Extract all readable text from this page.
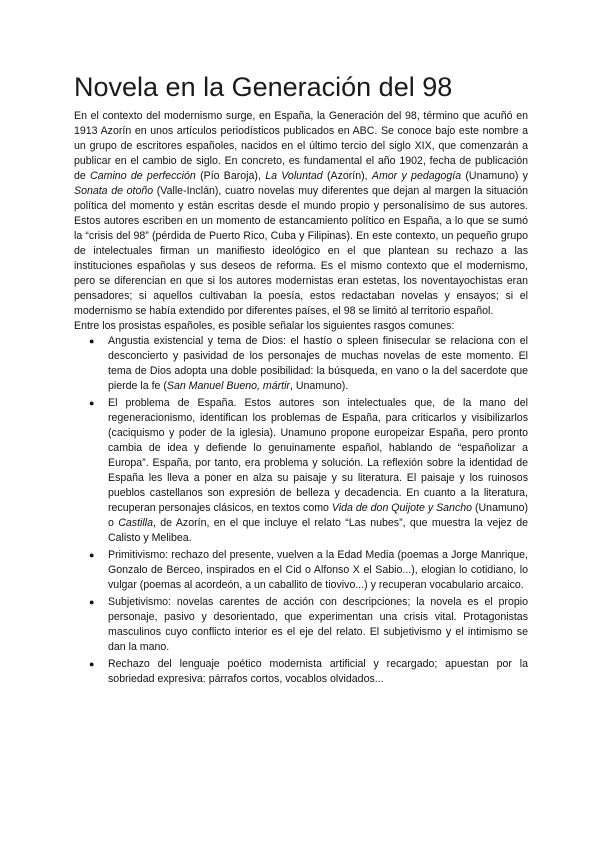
Novela en la Generación del 98

En el contexto del modernismo surge, en España, la Generación del 98, término que acuñó en 1913 Azorín en unos artículos periodísticos publicados en ABC. Se conoce bajo este nombre a un grupo de escritores españoles, nacidos en el último tercio del siglo XIX, que comenzarán a publicar en el cambio de siglo. En concreto, es fundamental el año 1902, fecha de publicación de Camino de perfección (Pío Baroja), La Voluntad (Azorín), Amor y pedagogía (Unamuno) y Sonata de otoño (Valle-Inclán), cuatro novelas muy diferentes que dejan al margen la situación política del momento y están escritas desde el mundo propio y personalísimo de sus autores. Estos autores escriben en un momento de estancamiento político en España, a lo que se sumó la “crisis del 98” (pérdida de Puerto Rico, Cuba y Filipinas). En este contexto, un pequeño grupo de intelectuales firman un manifiesto ideológico en el que plantean su rechazo a las instituciones españolas y sus deseos de reforma. Es el mismo contexto que el modernismo, pero se diferencian en que si los autores modernistas eran estetas, los noventayochistas eran pensadores; si aquellos cultivaban la poesía, estos redactaban novelas y ensayos; si el modernismo se había extendido por diferentes países, el 98 se limitó al territorio español.

Entre los prosistas españoles, es posible señalar los siguientes rasgos comunes:

● Angustia existencial y tema de Dios: el hastío o spleen finisecular se relaciona con el desconcierto y pasividad de los personajes de muchas novelas de este momento. El tema de Dios adopta una doble posibilidad: la búsqueda, en vano o la del sacerdote que pierde la fe (San Manuel Bueno, mártir, Unamuno).
● El problema de España. Estos autores son intelectuales que, de la mano del regeneracionismo, identifican los problemas de España, para criticarlos y visibilizarlos (caciquismo y poder de la iglesia). Unamuno propone europeizar España, pero pronto cambia de idea y defiende lo genuinamente español, hablando de “españolizar a Europa”. España, por tanto, era problema y solución. La reflexión sobre la identidad de España les lleva a poner en alza su paisaje y su literatura. El paisaje y los ruinosos pueblos castellanos son expresión de belleza y decadencia. En cuanto a la literatura, recuperan personajes clásicos, en textos como Vida de don Quijote y Sancho (Unamuno) o Castilla, de Azorín, en el que incluye el relato “Las nubes”, que muestra la vejez de Calisto y Melibea.
● Primitivismo: rechazo del presente, vuelven a la Edad Media (poemas a Jorge Manrique, Gonzalo de Berceo, inspirados en el Cid o Alfonso X el Sabio...), elogian lo cotidiano, lo vulgar (poemas al acordeón, a un caballito de tiovivo...) y recuperan vocabulario arcaico.
● Subjetivismo: novelas carentes de acción con descripciones; la novela es el propio personaje, pasivo y desorientado, que experimentan una crisis vital. Protagonistas masculinos cuyo conflicto interior es el eje del relato. El subjetivismo y el intimismo se dan la mano.
● Rechazo del lenguaje poético modernista artificial y recargado; apuestan por la sobriedad expresiva: párrafos cortos, vocablos olvidados...
